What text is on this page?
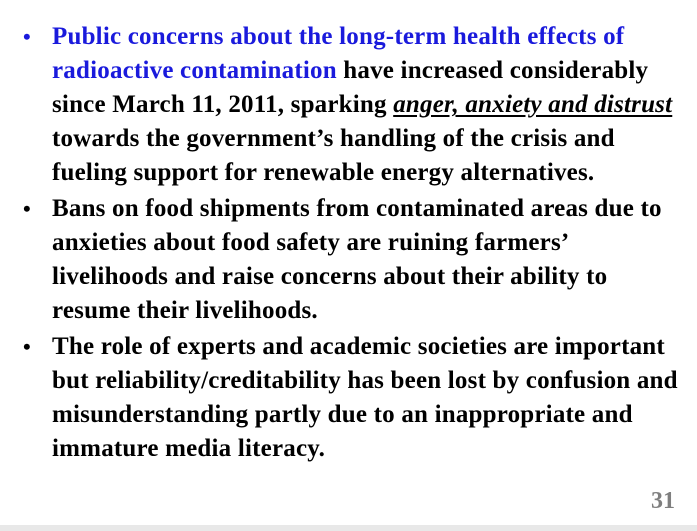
• Public concerns about the long-term health effects of radioactive contamination have increased considerably since March 11, 2011, sparking anger, anxiety and distrust towards the government’s handling of the crisis and fueling support for renewable energy alternatives.
• Bans on food shipments from contaminated areas due to anxieties about food safety are ruining farmers’ livelihoods and raise concerns about their ability to resume their livelihoods.
• The role of experts and academic societies are important but reliability/creditability has been lost by confusion and misunderstanding partly due to an inappropriate and immature media literacy.
31
